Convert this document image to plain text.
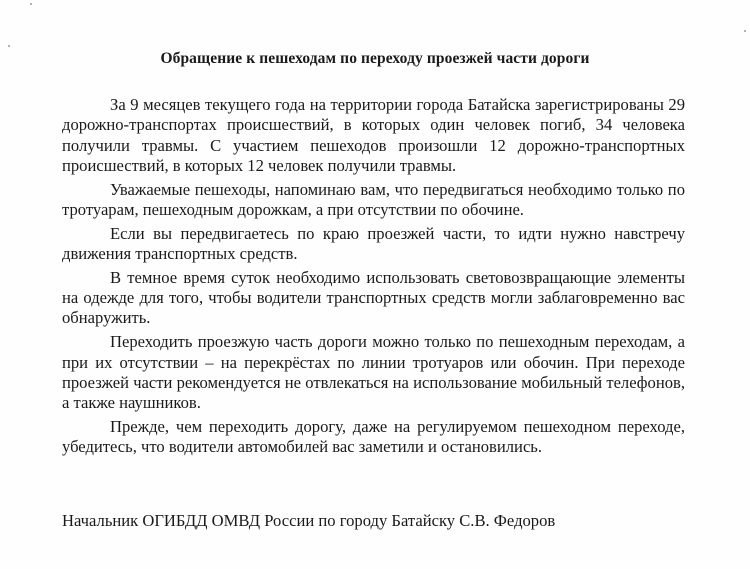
Обращение к пешеходам по переходу проезжей части дороги

За 9 месяцев текущего года на территории города Батайска зарегистрированы 29 дорожно-транспортах происшествий, в которых один человек погиб, 34 человека получили травмы. С участием пешеходов произошли 12 дорожно-транспортных происшествий, в которых 12 человек получили травмы.

Уважаемые пешеходы, напоминаю вам, что передвигаться необходимо только по тротуарам, пешеходным дорожкам, а при отсутствии по обочине.

Если вы передвигаетесь по краю проезжей части, то идти нужно навстречу движения транспортных средств.

В темное время суток необходимо использовать световозвращающие элементы на одежде для того, чтобы водители транспортных средств могли заблаговременно вас обнаружить.

Переходить проезжую часть дороги можно только по пешеходным переходам, а при их отсутствии – на перекрёстах по линии тротуаров или обочин. При переходе проезжей части рекомендуется не отвлекаться на использование мобильный телефонов, а также наушников.

Прежде, чем переходить дорогу, даже на регулируемом пешеходном переходе, убедитесь, что водители автомобилей вас заметили и остановились.

Начальник ОГИБДД ОМВД России по городу Батайску С.В. Федоров
